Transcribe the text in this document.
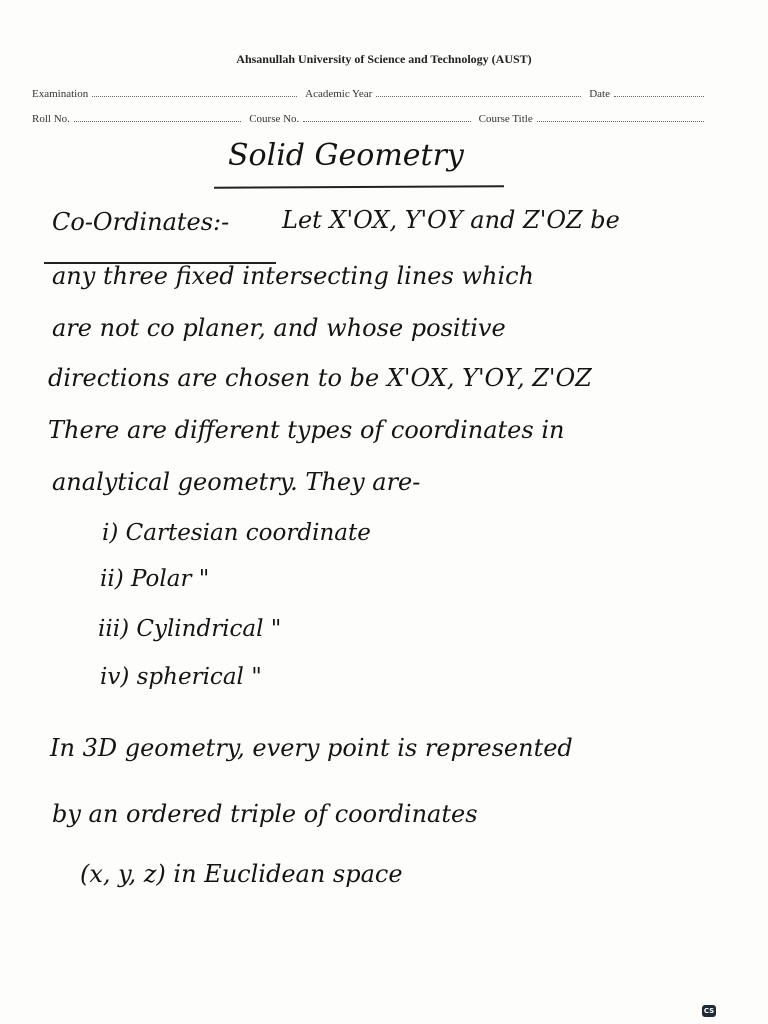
Ahsanullah University of Science and Technology (AUST)
Examination	Academic Year	Date
Roll No.	Course No.	Course Title
Solid Geometry
Co-Ordinates:- Let X'OX, Y'OY and Z'OZ be
any three fixed intersecting lines which
are not co planer, and whose positive
directions are chosen to be X'OX, Y'OY, Z'OZ
There are different types of coordinates in
analytical geometry. They are-
i) Cartesian coordinate
ii) Polar "
iii) Cylindrical "
iv) spherical "
In 3D geometry, every point is represented
by an ordered triple of coordinates
(x, y, z) in Euclidean space
CS
